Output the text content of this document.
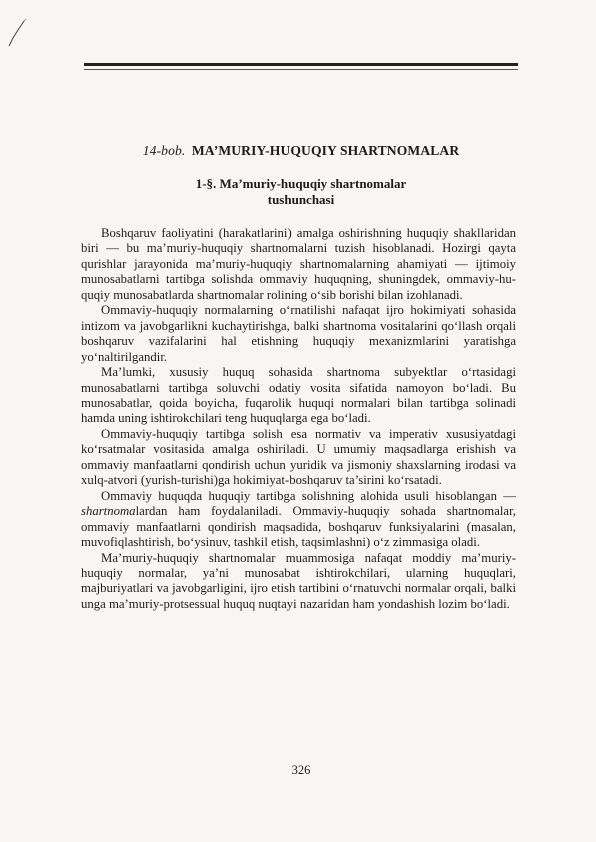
14-bob. MA’MURIY-HUQUQIY SHARTNOMALAR
1-§. Ma’muriy-huquqiy shartnomalar
tushunchasi

Boshqaruv faoliyatini (harakatlarini) amalga oshirishning huquqiy shakllaridan biri — bu ma’muriy-huquqiy shartnomalarni tuzish hisoblanadi. Hozirgi qayta qurishlar jarayonida ma’muriy-huquqiy shartnomalarning ahamiyati — ijtimoiy munosabatlarni tartibga solishda ommaviy huquqning, shuningdek, ommaviy-huquqiy munosabatlarda shartnomalar rolining o‘sib borishi bilan izohlanadi.

Ommaviy-huquqiy normalarning o‘rnatilishi nafaqat ijro hokimiyati sohasida intizom va javobgarlikni kuchaytirishga, balki shartnoma vositalarini qo‘llash orqali boshqaruv vazifalarini hal etishning huquqiy mexanizmlarini yaratishga yo‘naltirilgandir.

Ma’lumki, xususiy huquq sohasida shartnoma subyektlar o‘rtasidagi munosabatlarni tartibga soluvchi odatiy vosita sifatida namoyon bo‘ladi. Bu munosabatlar, qoida boyicha, fuqarolik huquqi normalari bilan tartibga solinadi hamda uning ishtirokchilari teng huquqlarga ega bo‘ladi.

Ommaviy-huquqiy tartibga solish esa normativ va imperativ xususiyatdagi ko‘rsatmalar vositasida amalga oshiriladi. U umumiy maqsadlarga erishish va ommaviy manfaatlarni qondirish uchun yuridik va jismoniy shaxslarning irodasi va xulq-atvori (yurish-turishi)ga hokimiyat-boshqaruv ta’sirini ko‘rsatadi.

Ommaviy huquqda huquqiy tartibga solishning alohida usuli hisoblangan — shartnomalardan ham foydalaniladi. Ommaviy-huquqiy sohada shartnomalar, ommaviy manfaatlarni qondirish maqsadida, boshqaruv funksiyalarini (masalan, muvofiqlashtirish, bo‘ysinuv, tashkil etish, taqsimlashni) o‘z zimmasiga oladi.

Ma’muriy-huquqiy shartnomalar muammosiga nafaqat moddiy ma’muriy-huquqiy normalar, ya’ni munosabat ishtirokchilari, ularning huquqlari, majburiyatlari va javobgarligini, ijro etish tartibini o‘rnatuvchi normalar orqali, balki unga ma’muriy-protsessual huquq nuqtayi nazaridan ham yondashish lozim bo‘ladi.

326
